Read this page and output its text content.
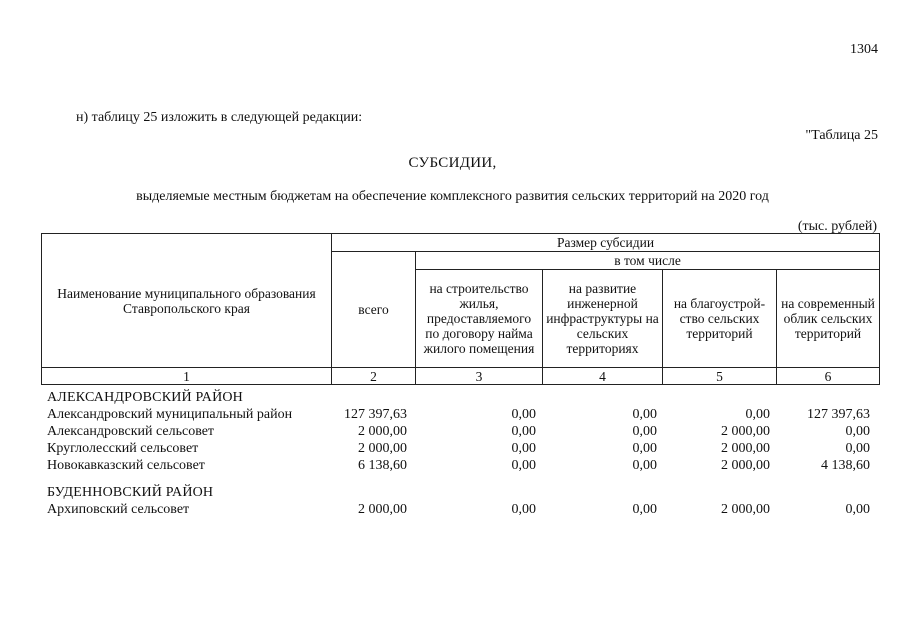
1304
н) таблицу 25 изложить в следующей редакции:
"Таблица 25
СУБСИДИИ,
выделяемые местным бюджетам на обеспечение комплексного развития сельских территорий на 2020 год
(тыс. рублей)
Наименование муниципального образования Ставропольского края	Размер субсидии				
	всего	в том числе			
		на строительство жилья, предоставляемого по договору найма жилого помещения	на развитие инженерной инфраструктуры на сельских территориях	на благоустрой-ство сельских территорий	на современный облик сельских территорий
1	2	3	4	5	6
АЛЕКСАНДРОВСКИЙ РАЙОН
Александровский муниципальный район	127 397,63	0,00	0,00	0,00	127 397,63
Александровский сельсовет	2 000,00	0,00	0,00	2 000,00	0,00
Круглолесский сельсовет	2 000,00	0,00	0,00	2 000,00	0,00
Новокавказский сельсовет	6 138,60	0,00	0,00	2 000,00	4 138,60
БУДЕННОВСКИЙ РАЙОН
Архиповский сельсовет	2 000,00	0,00	0,00	2 000,00	0,00
